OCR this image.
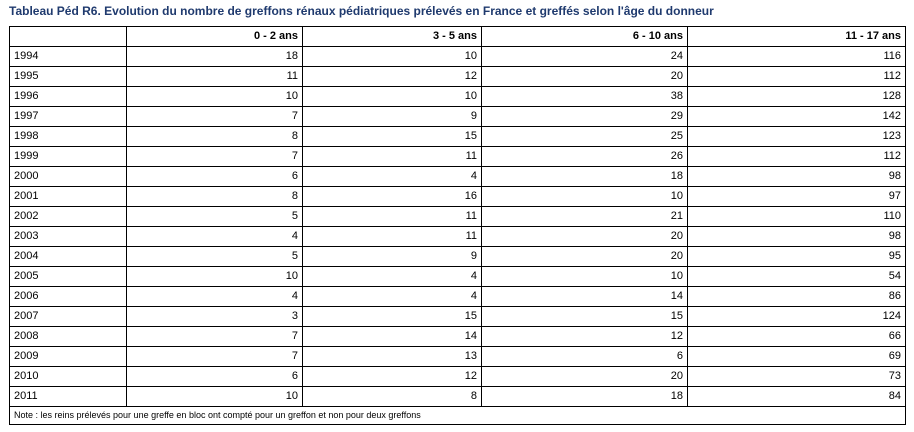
Tableau Péd R6. Evolution du nombre de greffons rénaux pédiatriques prélevés en France et greffés selon l'âge du donneur
	0 - 2 ans	3 - 5 ans	6 - 10 ans	11 - 17 ans
1994	18	10	24	116
1995	11	12	20	112
1996	10	10	38	128
1997	7	9	29	142
1998	8	15	25	123
1999	7	11	26	112
2000	6	4	18	98
2001	8	16	10	97
2002	5	11	21	110
2003	4	11	20	98
2004	5	9	20	95
2005	10	4	10	54
2006	4	4	14	86
2007	3	15	15	124
2008	7	14	12	66
2009	7	13	6	69
2010	6	12	20	73
2011	10	8	18	84
Note : les reins prélevés pour une greffe en bloc ont compté pour un greffon et non pour deux greffons				
